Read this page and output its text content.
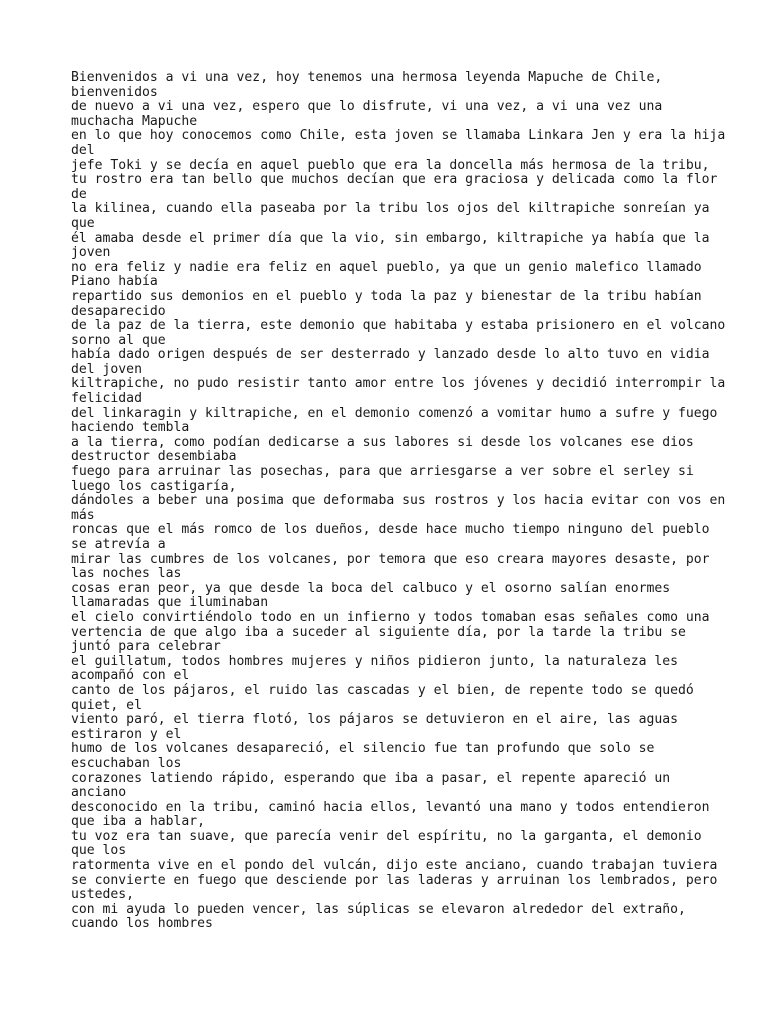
Bienvenidos a vi una vez, hoy tenemos una hermosa leyenda Mapuche de Chile,
bienvenidos
de nuevo a vi una vez, espero que lo disfrute, vi una vez, a vi una vez una
muchacha Mapuche
en lo que hoy conocemos como Chile, esta joven se llamaba Linkara Jen y era la hija
del
jefe Toki y se decía en aquel pueblo que era la doncella más hermosa de la tribu,
tu rostro era tan bello que muchos decían que era graciosa y delicada como la flor
de
la kilinea, cuando ella paseaba por la tribu los ojos del kiltrapiche sonreían ya
que
él amaba desde el primer día que la vio, sin embargo, kiltrapiche ya había que la
joven
no era feliz y nadie era feliz en aquel pueblo, ya que un genio malefico llamado
Piano había
repartido sus demonios en el pueblo y toda la paz y bienestar de la tribu habían
desaparecido
de la paz de la tierra, este demonio que habitaba y estaba prisionero en el volcano
sorno al que
había dado origen después de ser desterrado y lanzado desde lo alto tuvo en vidia
del joven
kiltrapiche, no pudo resistir tanto amor entre los jóvenes y decidió interrompir la
felicidad
del linkaragin y kiltrapiche, en el demonio comenzó a vomitar humo a sufre y fuego
haciendo tembla
a la tierra, como podían dedicarse a sus labores si desde los volcanes ese dios
destructor desembiaba
fuego para arruinar las posechas, para que arriesgarse a ver sobre el serley si
luego los castigaría,
dándoles a beber una posima que deformaba sus rostros y los hacia evitar con vos en
más
roncas que el más romco de los dueños, desde hace mucho tiempo ninguno del pueblo
se atrevía a
mirar las cumbres de los volcanes, por temora que eso creara mayores desaste, por
las noches las
cosas eran peor, ya que desde la boca del calbuco y el osorno salían enormes
llamaradas que iluminaban
el cielo convirtiéndolo todo en un infierno y todos tomaban esas señales como una
vertencia de que algo iba a suceder al siguiente día, por la tarde la tribu se
juntó para celebrar
el guillatum, todos hombres mujeres y niños pidieron junto, la naturaleza les
acompañó con el
canto de los pájaros, el ruido las cascadas y el bien, de repente todo se quedó
quiet, el
viento paró, el tierra flotó, los pájaros se detuvieron en el aire, las aguas
estiraron y el
humo de los volcanes desapareció, el silencio fue tan profundo que solo se
escuchaban los
corazones latiendo rápido, esperando que iba a pasar, el repente apareció un
anciano
desconocido en la tribu, caminó hacia ellos, levantó una mano y todos entendieron
que iba a hablar,
tu voz era tan suave, que parecía venir del espíritu, no la garganta, el demonio
que los
ratormenta vive en el pondo del vulcán, dijo este anciano, cuando trabajan tuviera
se convierte en fuego que desciende por las laderas y arruinan los lembrados, pero
ustedes,
con mi ayuda lo pueden vencer, las súplicas se elevaron alrededor del extraño,
cuando los hombres
